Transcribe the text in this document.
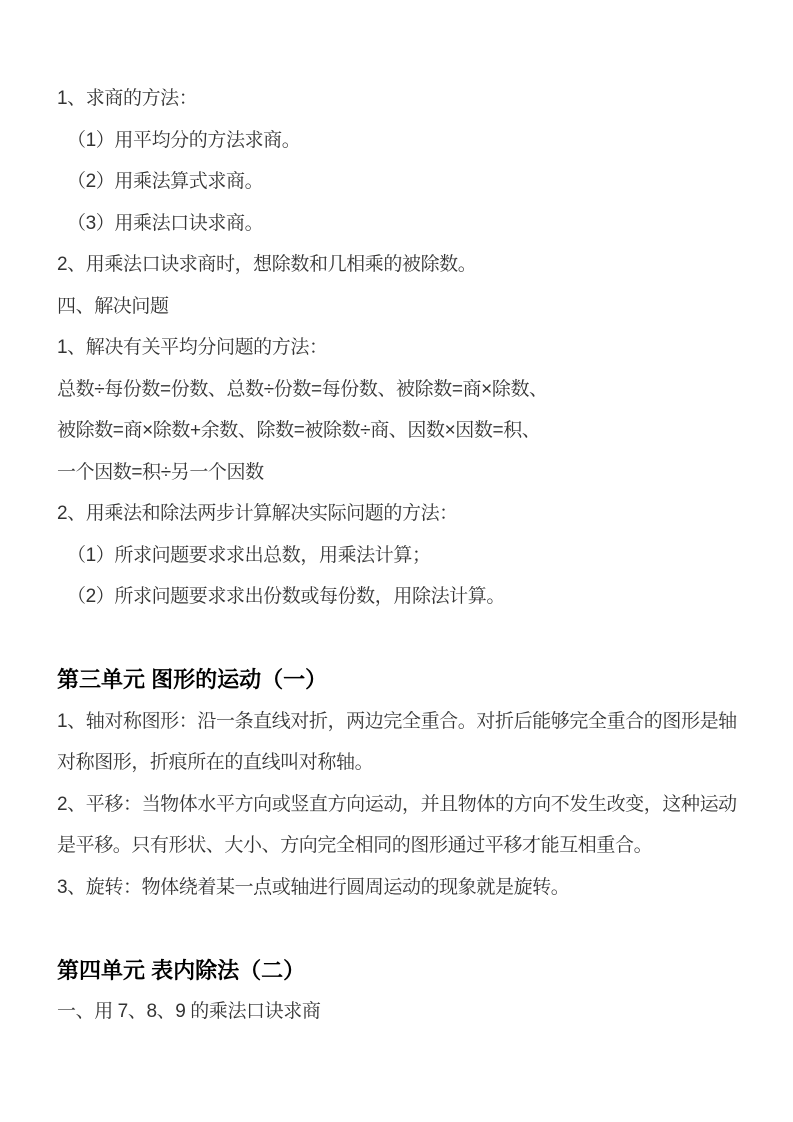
1、求商的方法：
（1）用平均分的方法求商。
（2）用乘法算式求商。
（3）用乘法口诀求商。
2、用乘法口诀求商时，想除数和几相乘的被除数。
四、解决问题
1、解决有关平均分问题的方法：
总数÷每份数=份数、总数÷份数=每份数、被除数=商×除数、
被除数=商×除数+余数、除数=被除数÷商、因数×因数=积、
一个因数=积÷另一个因数
2、用乘法和除法两步计算解决实际问题的方法：
（1）所求问题要求求出总数，用乘法计算；
（2）所求问题要求求出份数或每份数，用除法计算。
第三单元 图形的运动（一）
1、轴对称图形：沿一条直线对折，两边完全重合。对折后能够完全重合的图形是轴
对称图形，折痕所在的直线叫对称轴。
2、平移：当物体水平方向或竖直方向运动，并且物体的方向不发生改变，这种运动
是平移。只有形状、大小、方向完全相同的图形通过平移才能互相重合。
3、旋转：物体绕着某一点或轴进行圆周运动的现象就是旋转。
第四单元 表内除法（二）
一、用 7、8、9 的乘法口诀求商
